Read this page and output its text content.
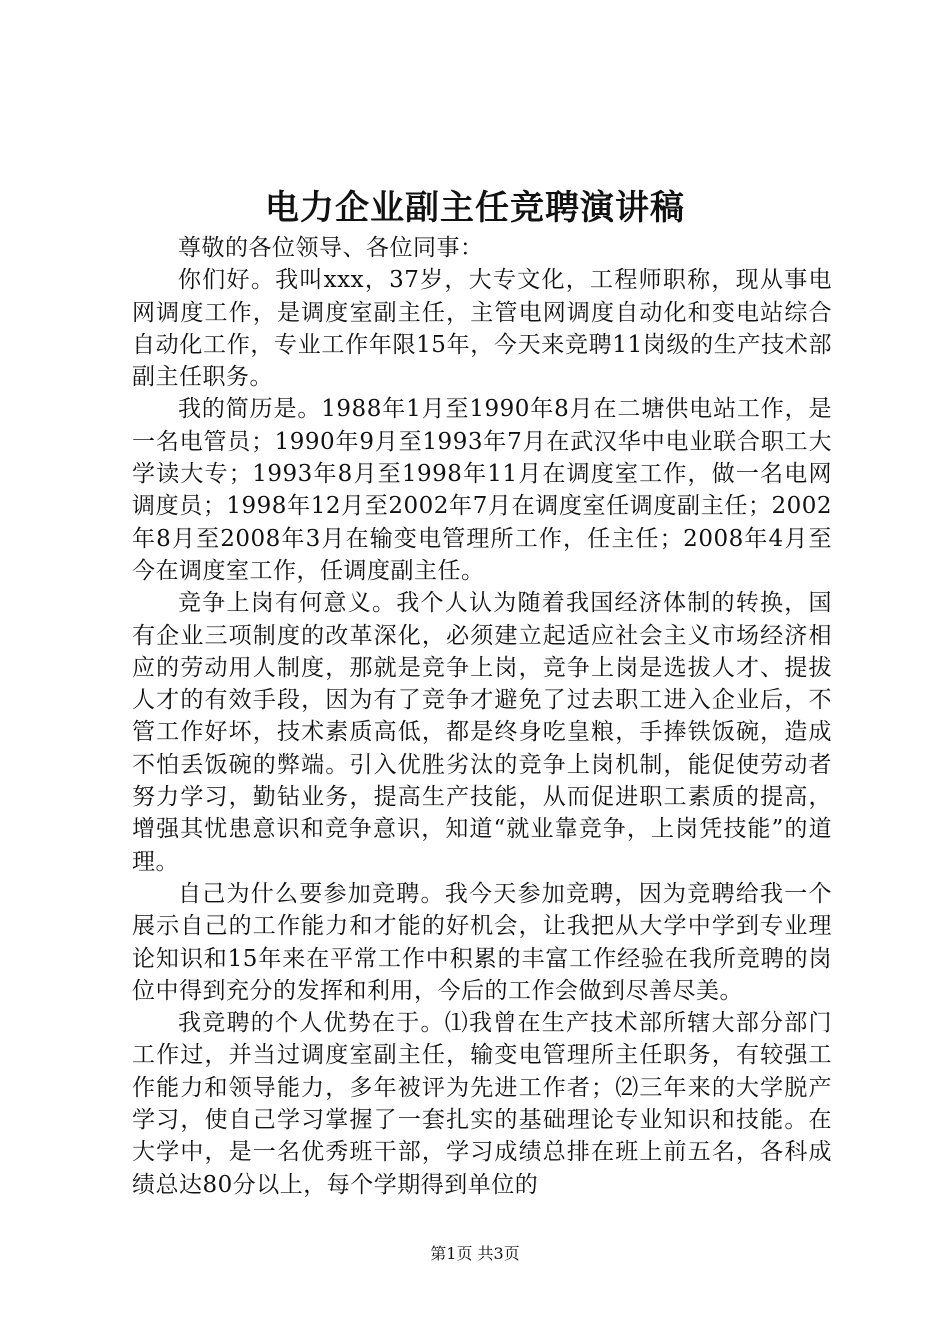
电力企业副主任竞聘演讲稿

尊敬的各位领导、各位同事：

你们好。我叫xxx，37岁，大专文化，工程师职称，现从事电网调度工作，是调度室副主任，主管电网调度自动化和变电站综合自动化工作，专业工作年限15年，今天来竞聘11岗级的生产技术部副主任职务。

我的简历是。1988年1月至1990年8月在二塘供电站工作，是一名电管员；1990年9月至1993年7月在武汉华中电业联合职工大学读大专；1993年8月至1998年11月在调度室工作，做一名电网调度员；1998年12月至2002年7月在调度室任调度副主任；2002年8月至2008年3月在输变电管理所工作，任主任；2008年4月至今在调度室工作，任调度副主任。

竞争上岗有何意义。我个人认为随着我国经济体制的转换，国有企业三项制度的改革深化，必须建立起适应社会主义市场经济相应的劳动用人制度，那就是竞争上岗，竞争上岗是选拔人才、提拔人才的有效手段，因为有了竞争才避免了过去职工进入企业后，不管工作好坏，技术素质高低，都是终身吃皇粮，手捧铁饭碗，造成不怕丢饭碗的弊端。引入优胜劣汰的竞争上岗机制，能促使劳动者努力学习，勤钻业务，提高生产技能，从而促进职工素质的提高，增强其忧患意识和竞争意识，知道“就业靠竞争，上岗凭技能”的道理。

自己为什么要参加竞聘。我今天参加竞聘，因为竞聘给我一个展示自己的工作能力和才能的好机会，让我把从大学中学到专业理论知识和15年来在平常工作中积累的丰富工作经验在我所竞聘的岗位中得到充分的发挥和利用，今后的工作会做到尽善尽美。

我竞聘的个人优势在于。⑴我曾在生产技术部所辖大部分部门工作过，并当过调度室副主任，输变电管理所主任职务，有较强工作能力和领导能力，多年被评为先进工作者；⑵三年来的大学脱产学习，使自己学习掌握了一套扎实的基础理论专业知识和技能。在大学中，是一名优秀班干部，学习成绩总排在班上前五名，各科成绩总达80分以上，每个学期得到单位的

第1页 共3页
